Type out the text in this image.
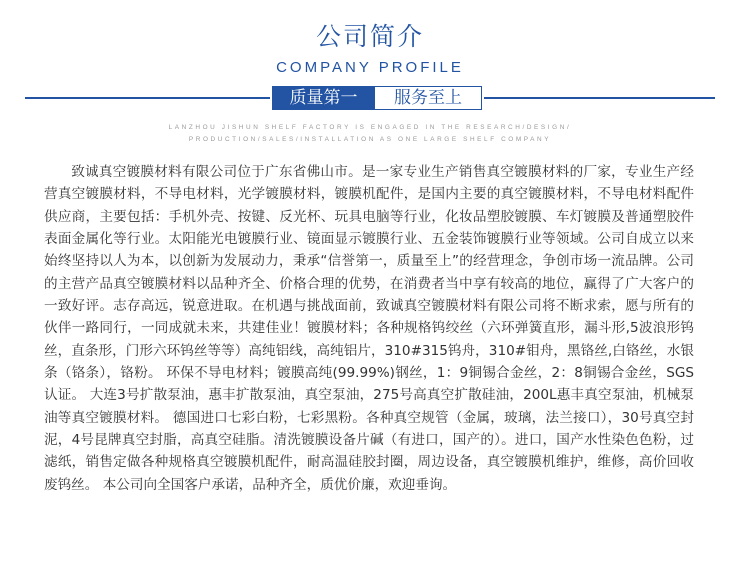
公司简介
COMPANY PROFILE
质量第一	服务至上
LANZHOU JISHUN SHELF FACTORY IS ENGAGED IN THE RESEARCH/DESIGN/
PRODUCTION/SALES/INSTALLATION AS ONE LARGE SHELF COMPANY

致诚真空镀膜材料有限公司位于广东省佛山市。是一家专业生产销售真空镀膜材料的厂家，专业生产经营真空镀膜材料，不导电材料，光学镀膜材料，镀膜机配件，是国内主要的真空镀膜材料，不导电材料配件供应商，主要包括：手机外壳、按键、反光杯、玩具电脑等行业，化妆品塑胶镀膜、车灯镀膜及普通塑胶件表面金属化等行业。太阳能光电镀膜行业、镜面显示镀膜行业、五金装饰镀膜行业等领域。公司自成立以来始终坚持以人为本，以创新为发展动力，秉承“信誉第一，质量至上”的经营理念，争创市场一流品牌。公司的主营产品真空镀膜材料以品种齐全、价格合理的优势，在消费者当中享有较高的地位，赢得了广大客户的一致好评。志存高远，锐意进取。在机遇与挑战面前，致诚真空镀膜材料有限公司将不断求索，愿与所有的伙伴一路同行，一同成就未来，共建佳业！镀膜材料；各种规格钨绞丝（六环弹簧直形，漏斗形,5波浪形钨丝，直条形，门形六环钨丝等等）高纯铝线，高纯铝片，310#315钨舟，310#钼舟，黑铬丝,白铬丝，水银条（铬条），铬粉。 环保不导电材料；镀膜高纯(99.99%)钢丝，1：9铜锡合金丝，2：8铜锡合金丝，SGS认证。 大连3号扩散泵油，惠丰扩散泵油，真空泵油，275号高真空扩散硅油，200L惠丰真空泵油，机械泵油等真空镀膜材料。 德国进口七彩白粉，七彩黑粉。各种真空规管（金属，玻璃，法兰接口），30号真空封泥，4号昆牌真空封脂，高真空硅脂。清洗镀膜设备片碱（有进口，国产的）。进口，国产水性染色色粉，过滤纸，销售定做各种规格真空镀膜机配件，耐高温硅胶封圈，周边设备，真空镀膜机维护，维修，高价回收废钨丝。 本公司向全国客户承诺，品种齐全，质优价廉，欢迎垂询。
